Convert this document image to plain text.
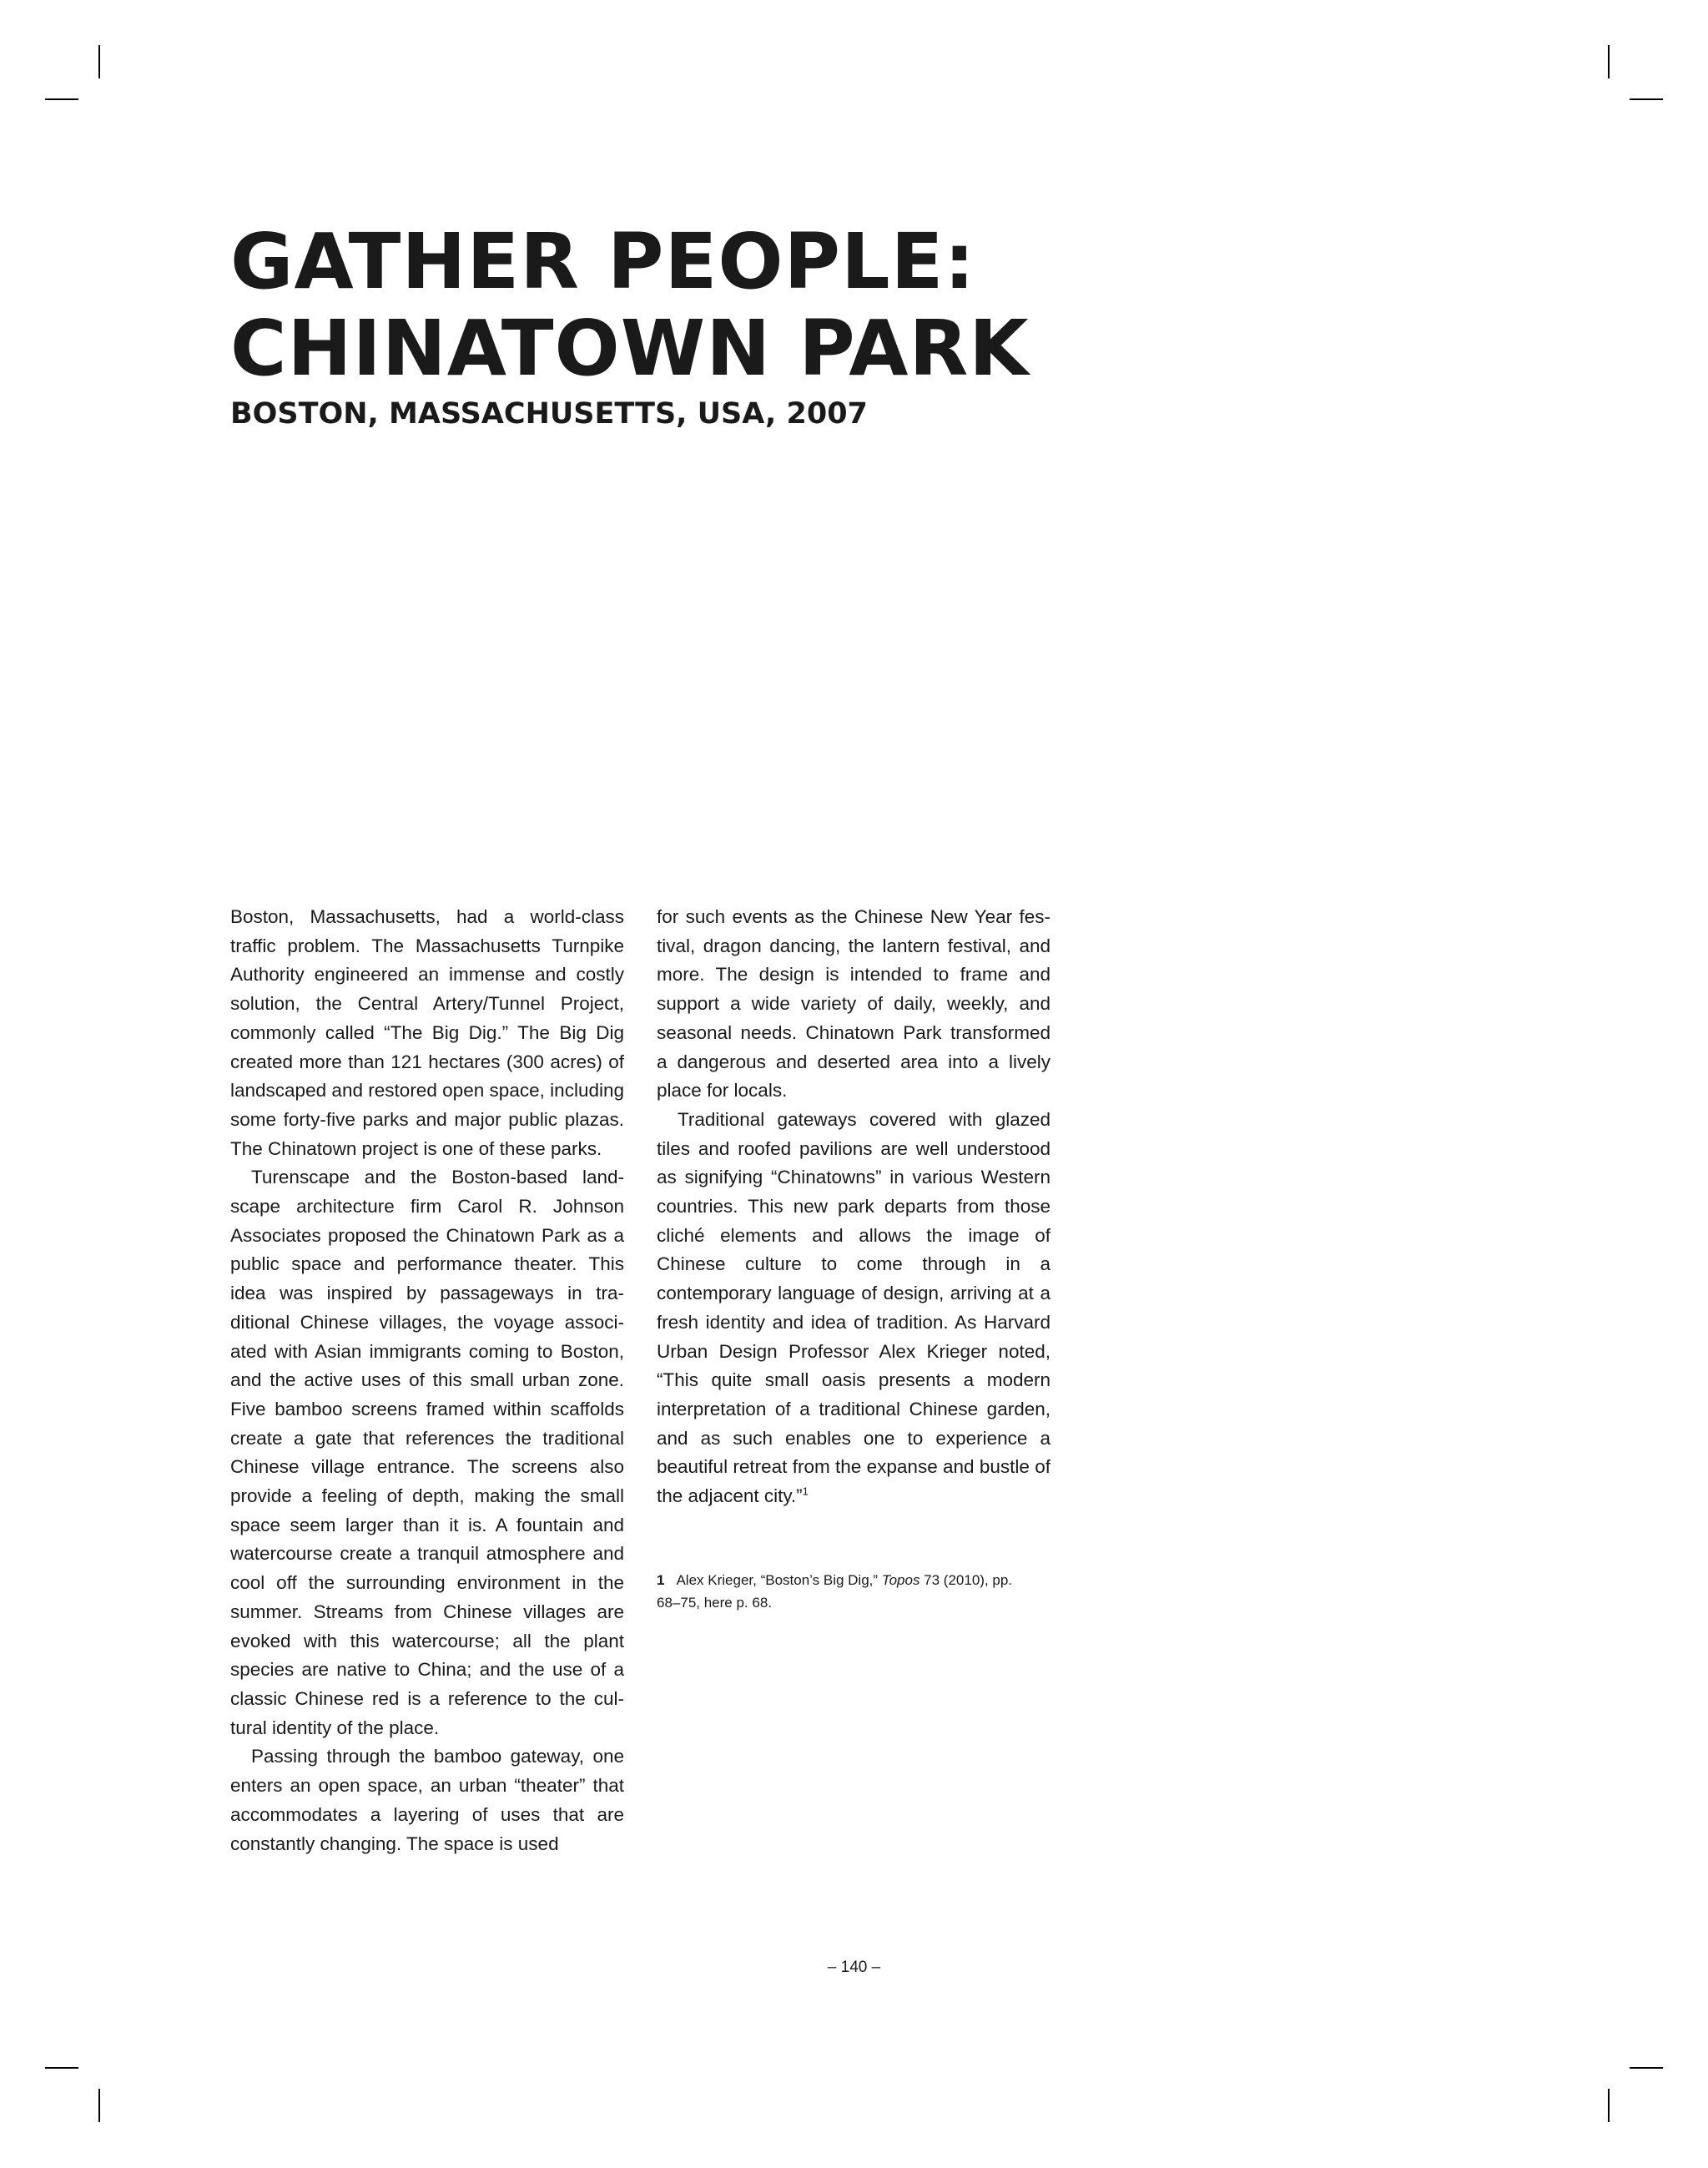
GATHER PEOPLE:
CHINATOWN PARK
BOSTON, MASSACHUSETTS, USA, 2007

Boston, Massachusetts, had a world-class traffic problem. The Massachusetts Turnpike Authority engineered an immense and costly solution, the Central Artery/Tunnel Project, commonly called “The Big Dig.” The Big Dig created more than 121 hectares (300 acres) of landscaped and restored open space, including some forty-five parks and major public plazas. The Chinatown project is one of these parks.

Turenscape and the Boston-based landscape architecture firm Carol R. Johnson Associates proposed the Chinatown Park as a public space and performance theater. This idea was inspired by passageways in traditional Chinese villages, the voyage associated with Asian immigrants coming to Boston, and the active uses of this small urban zone. Five bamboo screens framed within scaffolds create a gate that references the traditional Chinese village entrance. The screens also provide a feeling of depth, making the small space seem larger than it is. A fountain and watercourse create a tranquil atmosphere and cool off the surrounding environment in the summer. Streams from Chinese villages are evoked with this watercourse; all the plant species are native to China; and the use of a classic Chinese red is a reference to the cultural identity of the place.

Passing through the bamboo gateway, one enters an open space, an urban “theater” that accommodates a layering of uses that are constantly changing. The space is used

for such events as the Chinese New Year festival, dragon dancing, the lantern festival, and more. The design is intended to frame and support a wide variety of daily, weekly, and seasonal needs. Chinatown Park transformed a dangerous and deserted area into a lively place for locals.

Traditional gateways covered with glazed tiles and roofed pavilions are well understood as signifying “Chinatowns” in various Western countries. This new park departs from those cliché elements and allows the image of Chinese culture to come through in a contemporary language of design, arriving at a fresh identity and idea of tradition. As Harvard Urban Design Professor Alex Krieger noted, “This quite small oasis presents a modern interpretation of a traditional Chinese garden, and as such enables one to experience a beautiful retreat from the expanse and bustle of the adjacent city.”$^1$

1 Alex Krieger, “Boston’s Big Dig,” Topos 73 (2010), pp. 68–75, here p. 68.
– 140 –
